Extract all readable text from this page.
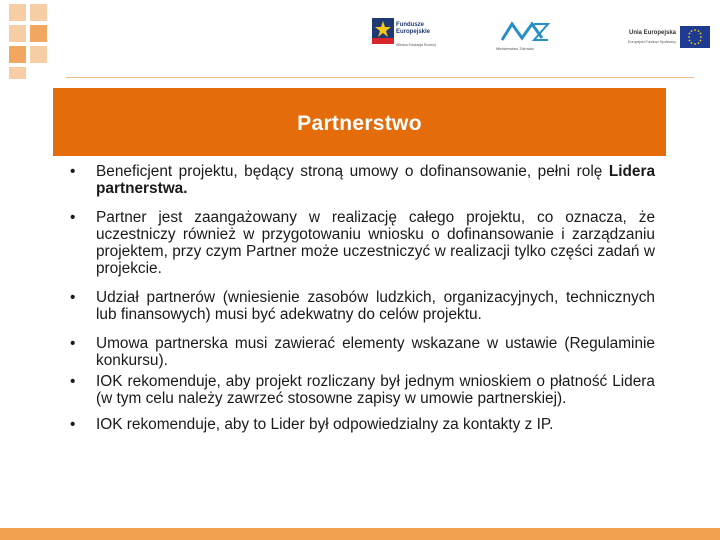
Fundusze
Europejskie
Wiedza Edukacja Rozwój
Ministerstwo Zdrowia
Unia Europejska
Europejski Fundusz Społeczny
Partnerstwo
• Beneficjent projektu, będący stroną umowy o dofinansowanie, pełni rolę Lidera partnerstwa.
• Partner jest zaangażowany w realizację całego projektu, co oznacza, że uczestniczy również w przygotowaniu wniosku o dofinansowanie i zarządzaniu projektem, przy czym Partner może uczestniczyć w realizacji tylko części zadań w projekcie.
• Udział partnerów (wniesienie zasobów ludzkich, organizacyjnych, technicznych lub finansowych) musi być adekwatny do celów projektu.
• Umowa partnerska musi zawierać elementy wskazane w ustawie (Regulaminie konkursu).
• IOK rekomenduje, aby projekt rozliczany był jednym wnioskiem o płatność Lidera (w tym celu należy zawrzeć stosowne zapisy w umowie partnerskiej).
• IOK rekomenduje, aby to Lider był odpowiedzialny za kontakty z IP.
